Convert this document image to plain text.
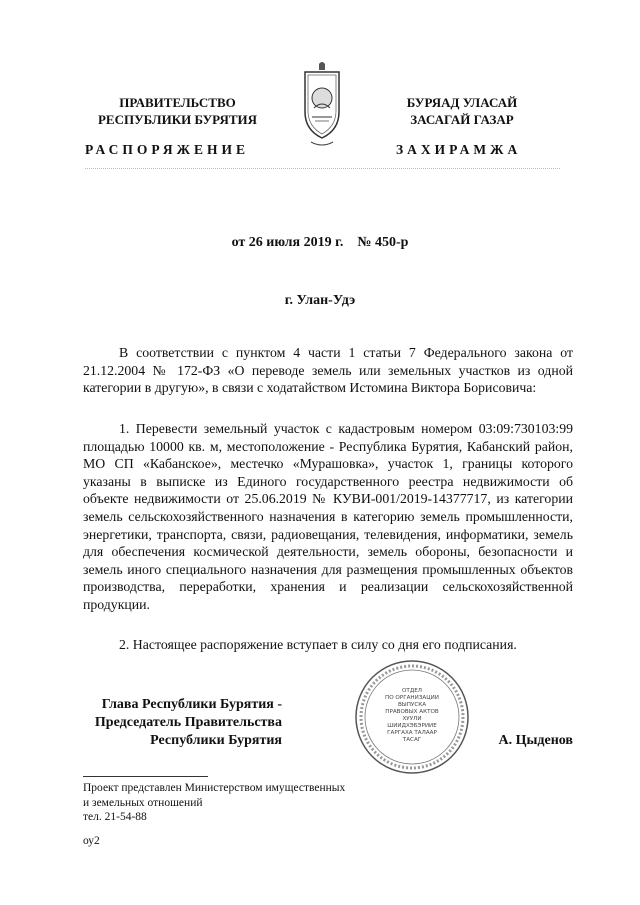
ПРАВИТЕЛЬСТВО
РЕСПУБЛИКИ БУРЯТИЯ
БУРЯАД УЛАСАЙ
ЗАСАГАЙ ГАЗАР
РАСПОРЯЖЕНИЕ	ЗАХИРАМЖА
от 26 июля 2019 г.    № 450-р
г. Улан-Удэ
В соответствии с пунктом 4 части 1 статьи 7 Федерального закона от 21.12.2004 № 172-ФЗ «О переводе земель или земельных участков из одной категории в другую», в связи с ходатайством Истомина Виктора Борисовича:
1. Перевести земельный участок с кадастровым номером 03:09:730103:99 площадью 10000 кв. м, местоположение - Республика Бурятия, Кабанский район, МО СП «Кабанское», местечко «Мурашовка», участок 1, границы которого указаны в выписке из Единого государственного реестра недвижимости об объекте недвижимости от 25.06.2019 № КУВИ-001/2019-14377717, из категории земель сельскохозяйственного назначения в категорию земель промышленности, энергетики, транспорта, связи, радиовещания, телевидения, информатики, земель для обеспечения космической деятельности, земель обороны, безопасности и земель иного специального назначения для размещения промышленных объектов производства, переработки, хранения и реализации сельскохозяйственной продукции.
2. Настоящее распоряжение вступает в силу со дня его подписания.
Глава Республики Бурятия -
Председатель Правительства
Республики Бурятия
ОТДЕЛ
ПО ОРГАНИЗАЦИИ
ВЫПУСКА
ПРАВОВЫХ АКТОВ
ХУУЛИ
ШИИДХЭБЭРИИЕ
ГАРГАХА ТАЛААР
ТАСАГ	А. Цыденов
Проект представлен Министерством имущественных
и земельных отношений
тел. 21-54-88
оу2
